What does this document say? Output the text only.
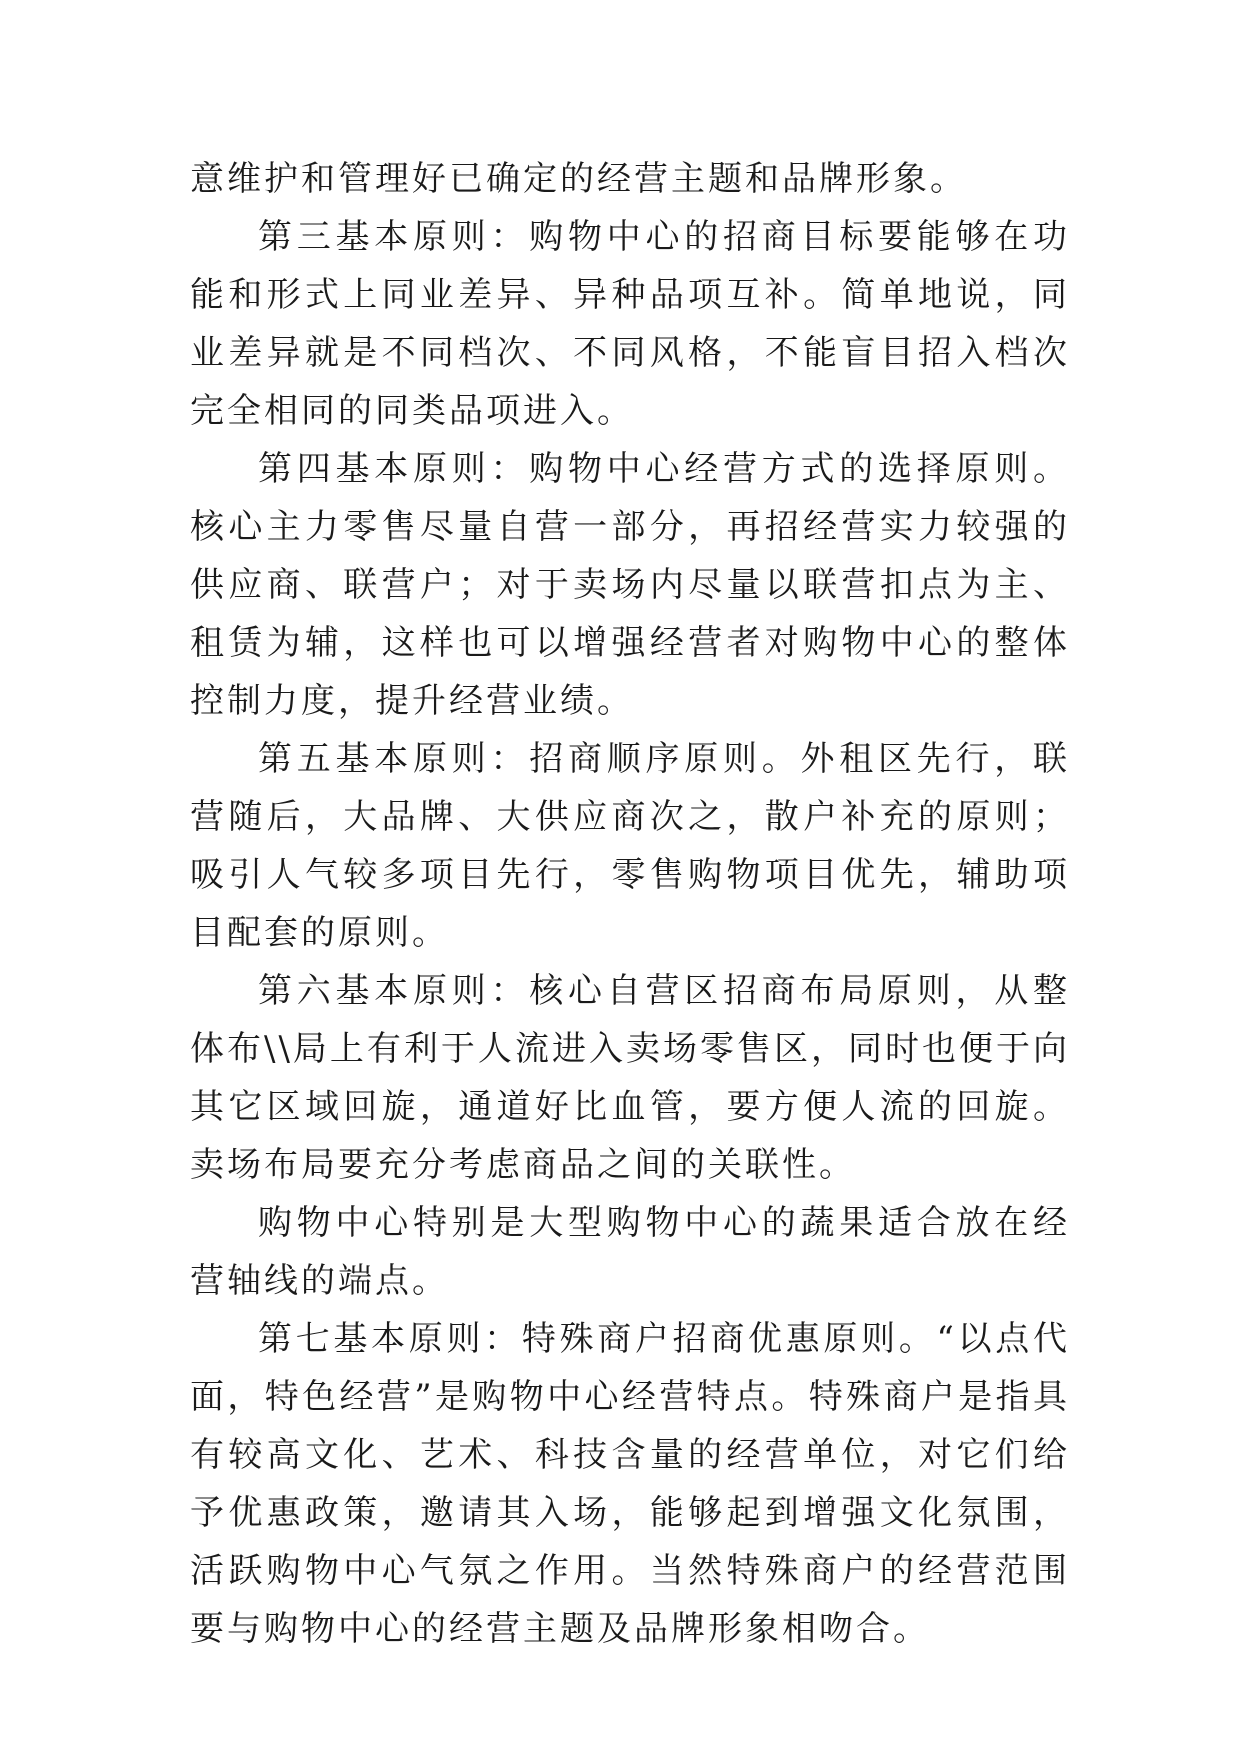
意维护和管理好已确定的经营主题和品牌形象。

第三基本原则：购物中心的招商目标要能够在功能和形式上同业差异、异种品项互补。简单地说，同业差异就是不同档次、不同风格，不能盲目招入档次完全相同的同类品项进入。

第四基本原则：购物中心经营方式的选择原则。核心主力零售尽量自营一部分，再招经营实力较强的供应商、联营户；对于卖场内尽量以联营扣点为主、租赁为辅，这样也可以增强经营者对购物中心的整体控制力度，提升经营业绩。

第五基本原则：招商顺序原则。外租区先行，联营随后，大品牌、大供应商次之，散户补充的原则；吸引人气较多项目先行，零售购物项目优先，辅助项目配套的原则。

第六基本原则：核心自营区招商布局原则，从整体布\\局上有利于人流进入卖场零售区，同时也便于向其它区域回旋，通道好比血管，要方便人流的回旋。卖场布局要充分考虑商品之间的关联性。

购物中心特别是大型购物中心的蔬果适合放在经营轴线的端点。

第七基本原则：特殊商户招商优惠原则。“以点代面，特色经营”是购物中心经营特点。特殊商户是指具有较高文化、艺术、科技含量的经营单位，对它们给予优惠政策，邀请其入场，能够起到增强文化氛围，活跃购物中心气氛之作用。当然特殊商户的经营范围要与购物中心的经营主题及品牌形象相吻合。
